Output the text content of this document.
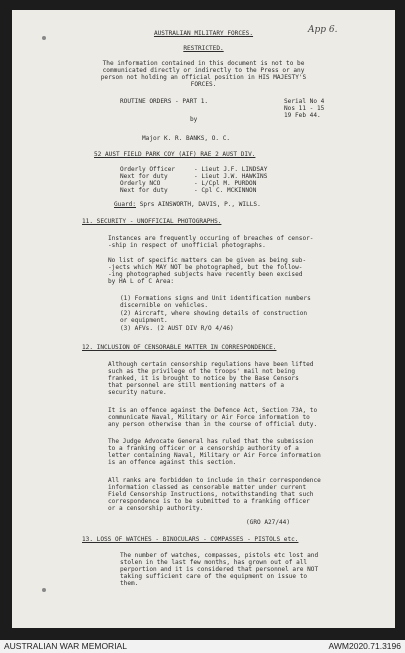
App 6.
AUSTRALIAN MILITARY FORCES.
RESTRICTED.
The information contained in this document is not to be
communicated directly or indirectly to the Press or any
person not holding an official position in HIS MAJESTY'S
FORCES.
ROUTINE ORDERS - PART 1.	Serial No 4
Nos 11 - 15
19 Feb 44.
by
Major K. R. BANKS, O. C.
52 AUST FIELD PARK COY (AIF) RAE 2 AUST DIV.
Orderly Officer	- Lieut J.F. LINDSAY
Next for duty	- Lieut J.W. HAWKINS
Orderly NCO	- L/Cpl M. PURDON
Next for duty	- Cpl C. MCKINNON
Guard: Sprs AINSWORTH, DAVIS, P., WILLS.
11. SECURITY - UNOFFICIAL PHOTOGRAPHS.
Instances are frequently occuring of breaches of censor-
-ship in respect of unofficial photographs.
No list of specific matters can be given as being sub-
-jects which MAY NOT be photographed, but the follow-
-ing photographed subjects have recently been excised
by HA L of C Area:
(1) Formations signs and Unit identification numbers
discernible on vehicles.
(2) Aircraft, where showing details of construction
or equipment.
(3) AFVs. (2 AUST DIV R/O 4/46)
12. INCLUSION OF CENSORABLE MATTER IN CORRESPONDENCE.
Although certain censorship regulations have been lifted
such as the privilege of the troops' mail not being
franked, it is brought to notice by the Base Censors
that personnel are still mentioning matters of a
security nature.
It is an offence against the Defence Act, Section 73A, to
communicate Naval, Military or Air Force information to
any person otherwise than in the course of official duty.
The Judge Advocate General has ruled that the submission
to a franking officer or a censorship authority of a
letter containing Naval, Military or Air Force information
is an offence against this section.
All ranks are forbidden to include in their correspondence
information classed as censorable matter under current
Field Censorship Instructions, notwithstanding that such
correspondence is to be submitted to a franking officer
or a censorship authority.
(GRO A27/44)
13. LOSS OF WATCHES - BINOCULARS - COMPASSES - PISTOLS etc.
The number of watches, compasses, pistols etc lost and
stolen in the last few months, has grown out of all
perportion and it is considered that personnel are NOT
taking sufficient care of the equipment on issue to
them.
AUSTRALIAN WAR MEMORIAL	AWM2020.71.3196
